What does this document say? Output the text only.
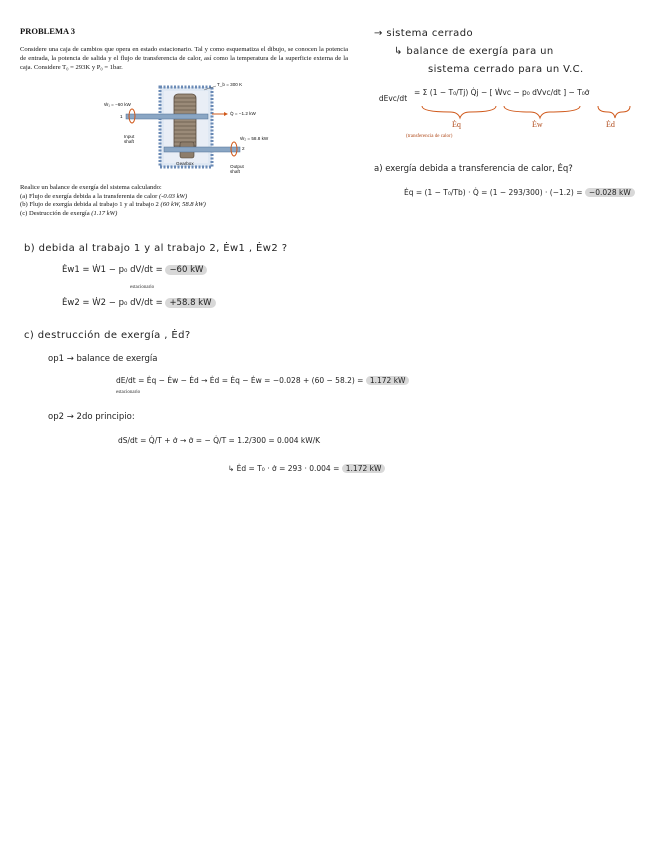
PROBLEMA 3
Considere una caja de cambios que opera en estado estacionario. Tal y como esquematiza el dibujo, se conocen la potencia de entrada, la potencia de salida y el flujo de transferencia de calor, así como la temperatura de la superficie externa de la caja. Considere T₀ = 293K y P₀ = 1bar.
Ẇ₁ = −60 kW
1
Input shaft
T_b = 300 K
Q̇ = −1.2 kW
Ẇ₂ = 58.8 kW
2
Output shaft
Gearbox
Realice un balance de exergía del sistema calculando:
(a) Flujo de exergía debida a la transferenia de calor (-0.03 kW)
(b) Flujo de exergía debida al trabajo 1 y al trabajo 2 (60 kW, 58.8 kW)
(c) Destrucción de exergía (1.17 kW)
→ sistema cerrado
↳ balance de exergía para un
sistema cerrado para un V.C.
dEvc/dt
= Σ (1 − T₀/Tj) Q̇j − [ Ẇvc − p₀ dVvc/dt ] − T₀σ̇
Ėq	Ėw	Ėd
(transferencia de calor)
a) exergía debida a transferencia de calor, Ėq?
Ėq = (1 − T₀/Tb) · Q̇ = (1 − 293/300) · (−1.2) = −0.028 kW
b) debida al trabajo 1 y al trabajo 2, Ėw1 , Ėw2 ?
Ėw1 = Ẇ1 − p₀ dV/dt = −60 kW
estacionario
Ėw2 = Ẇ2 − p₀ dV/dt = +58.8 kW
c) destrucción de exergía , Ėd?
op1 → balance de exergía
dE/dt = Ėq − Ėw − Ėd → Ėd = Ėq − Ėw = −0.028 + (60 − 58.2) = 1.172 kW
estacionario
op2 → 2do principio:
dS/dt = Q̇/T + σ̇ → σ̇ = − Q̇/T = 1.2/300 = 0.004 kW/K
↳ Ėd = T₀ · σ̇ = 293 · 0.004 = 1.172 kW
